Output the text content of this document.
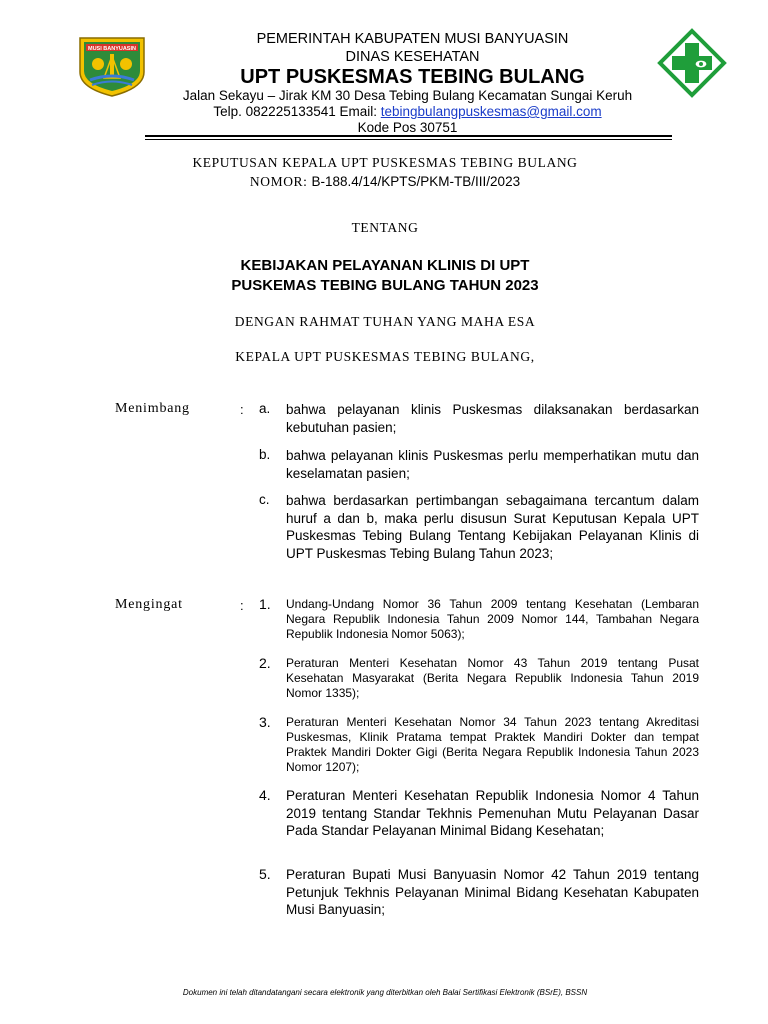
MUSI BANYUASIN
PEMERINTAH KABUPATEN MUSI BANYUASIN
DINAS KESEHATAN
UPT PUSKESMAS TEBING BULANG
Jalan Sekayu – Jirak KM 30 Desa Tebing Bulang Kecamatan Sungai Keruh
Telp. 082225133541 Email: tebingbulangpuskesmas@gmail.com
Kode Pos 30751
KEPUTUSAN KEPALA UPT PUSKESMAS TEBING BULANG
NOMOR: B-188.4/14/KPTS/PKM-TB/III/2023
TENTANG
KEBIJAKAN PELAYANAN KLINIS DI UPT
PUSKEMAS TEBING BULANG TAHUN 2023
DENGAN RAHMAT TUHAN YANG MAHA ESA
KEPALA UPT PUSKESMAS TEBING BULANG,
Menimbang	: a. bahwa pelayanan klinis Puskesmas dilaksanakan berdasarkan kebutuhan pasien;
b. bahwa pelayanan klinis Puskesmas perlu memperhatikan mutu dan keselamatan pasien;
c. bahwa berdasarkan pertimbangan sebagaimana tercantum dalam huruf a dan b, maka perlu disusun Surat Keputusan Kepala UPT Puskesmas Tebing Bulang Tentang Kebijakan Pelayanan Klinis di UPT Puskesmas Tebing Bulang Tahun 2023;
Mengingat	: 1. Undang-Undang Nomor 36 Tahun 2009 tentang Kesehatan (Lembaran Negara Republik Indonesia Tahun 2009 Nomor 144, Tambahan Negara Republik Indonesia Nomor 5063);
2. Peraturan Menteri Kesehatan Nomor 43 Tahun 2019 tentang Pusat Kesehatan Masyarakat (Berita Negara Republik Indonesia Tahun 2019 Nomor 1335);
3. Peraturan Menteri Kesehatan Nomor 34 Tahun 2023 tentang Akreditasi Puskesmas, Klinik Pratama tempat Praktek Mandiri Dokter dan tempat Praktek Mandiri Dokter Gigi (Berita Negara Republik Indonesia Tahun 2023 Nomor 1207);
4. Peraturan Menteri Kesehatan Republik Indonesia Nomor 4 Tahun 2019 tentang Standar Tekhnis Pemenuhan Mutu Pelayanan Dasar Pada Standar Pelayanan Minimal Bidang Kesehatan;
5. Peraturan Bupati Musi Banyuasin Nomor 42 Tahun 2019 tentang Petunjuk Tekhnis Pelayanan Minimal Bidang Kesehatan Kabupaten Musi Banyuasin;
Dokumen ini telah ditandatangani secara elektronik yang diterbitkan oleh Balai Sertifikasi Elektronik (BSrE), BSSN
